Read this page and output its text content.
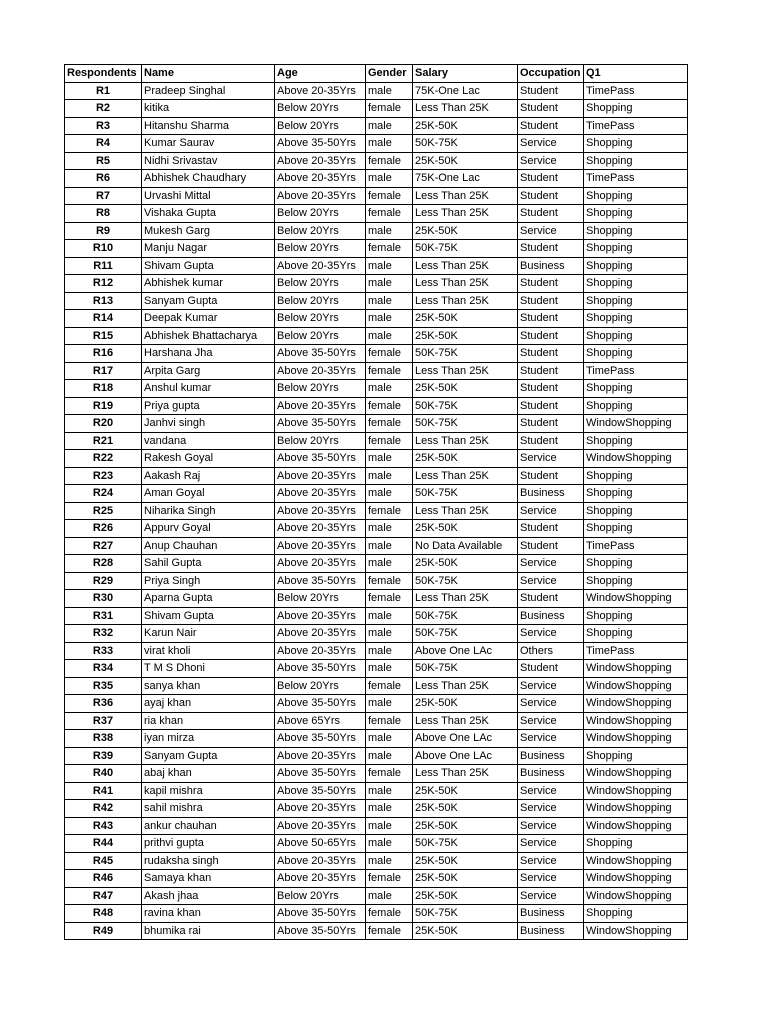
Respondents	Name	Age	Gender	Salary	Occupation	Q1
R1	Pradeep Singhal	Above 20-35Yrs	male	75K-One Lac	Student	TimePass
R2	kitika	Below 20Yrs	female	Less Than 25K	Student	Shopping
R3	Hitanshu Sharma	Below 20Yrs	male	25K-50K	Student	TimePass
R4	Kumar Saurav	Above 35-50Yrs	male	50K-75K	Service	Shopping
R5	Nidhi Srivastav	Above 20-35Yrs	female	25K-50K	Service	Shopping
R6	Abhishek Chaudhary	Above 20-35Yrs	male	75K-One Lac	Student	TimePass
R7	Urvashi Mittal	Above 20-35Yrs	female	Less Than 25K	Student	Shopping
R8	Vishaka Gupta	Below 20Yrs	female	Less Than 25K	Student	Shopping
R9	Mukesh Garg	Below 20Yrs	male	25K-50K	Service	Shopping
R10	Manju Nagar	Below 20Yrs	female	50K-75K	Student	Shopping
R11	Shivam Gupta	Above 20-35Yrs	male	Less Than 25K	Business	Shopping
R12	Abhishek kumar	Below 20Yrs	male	Less Than 25K	Student	Shopping
R13	Sanyam Gupta	Below 20Yrs	male	Less Than 25K	Student	Shopping
R14	Deepak Kumar	Below 20Yrs	male	25K-50K	Student	Shopping
R15	Abhishek Bhattacharya	Below 20Yrs	male	25K-50K	Student	Shopping
R16	Harshana Jha	Above 35-50Yrs	female	50K-75K	Student	Shopping
R17	Arpita Garg	Above 20-35Yrs	female	Less Than 25K	Student	TimePass
R18	Anshul kumar	Below 20Yrs	male	25K-50K	Student	Shopping
R19	Priya gupta	Above 20-35Yrs	female	50K-75K	Student	Shopping
R20	Janhvi singh	Above 35-50Yrs	female	50K-75K	Student	WindowShopping
R21	vandana	Below 20Yrs	female	Less Than 25K	Student	Shopping
R22	Rakesh Goyal	Above 35-50Yrs	male	25K-50K	Service	WindowShopping
R23	Aakash Raj	Above 20-35Yrs	male	Less Than 25K	Student	Shopping
R24	Aman Goyal	Above 20-35Yrs	male	50K-75K	Business	Shopping
R25	Niharika Singh	Above 20-35Yrs	female	Less Than 25K	Service	Shopping
R26	Appurv Goyal	Above 20-35Yrs	male	25K-50K	Student	Shopping
R27	Anup Chauhan	Above 20-35Yrs	male	No Data Available	Student	TimePass
R28	Sahil Gupta	Above 20-35Yrs	male	25K-50K	Service	Shopping
R29	Priya Singh	Above 35-50Yrs	female	50K-75K	Service	Shopping
R30	Aparna Gupta	Below 20Yrs	female	Less Than 25K	Student	WindowShopping
R31	Shivam Gupta	Above 20-35Yrs	male	50K-75K	Business	Shopping
R32	Karun Nair	Above 20-35Yrs	male	50K-75K	Service	Shopping
R33	virat kholi	Above 20-35Yrs	male	Above One LAc	Others	TimePass
R34	T M S Dhoni	Above 35-50Yrs	male	50K-75K	Student	WindowShopping
R35	sanya khan	Below 20Yrs	female	Less Than 25K	Service	WindowShopping
R36	ayaj khan	Above 35-50Yrs	male	25K-50K	Service	WindowShopping
R37	ria khan	Above 65Yrs	female	Less Than 25K	Service	WindowShopping
R38	iyan mirza	Above 35-50Yrs	male	Above One LAc	Service	WindowShopping
R39	Sanyam Gupta	Above 20-35Yrs	male	Above One LAc	Business	Shopping
R40	abaj khan	Above 35-50Yrs	female	Less Than 25K	Business	WindowShopping
R41	kapil mishra	Above 35-50Yrs	male	25K-50K	Service	WindowShopping
R42	sahil mishra	Above 20-35Yrs	male	25K-50K	Service	WindowShopping
R43	ankur chauhan	Above 20-35Yrs	male	25K-50K	Service	WindowShopping
R44	prithvi gupta	Above 50-65Yrs	male	50K-75K	Service	Shopping
R45	rudaksha singh	Above 20-35Yrs	male	25K-50K	Service	WindowShopping
R46	Samaya khan	Above 20-35Yrs	female	25K-50K	Service	WindowShopping
R47	Akash jhaa	Below 20Yrs	male	25K-50K	Service	WindowShopping
R48	ravina khan	Above 35-50Yrs	female	50K-75K	Business	Shopping
R49	bhumika rai	Above 35-50Yrs	female	25K-50K	Business	WindowShopping
